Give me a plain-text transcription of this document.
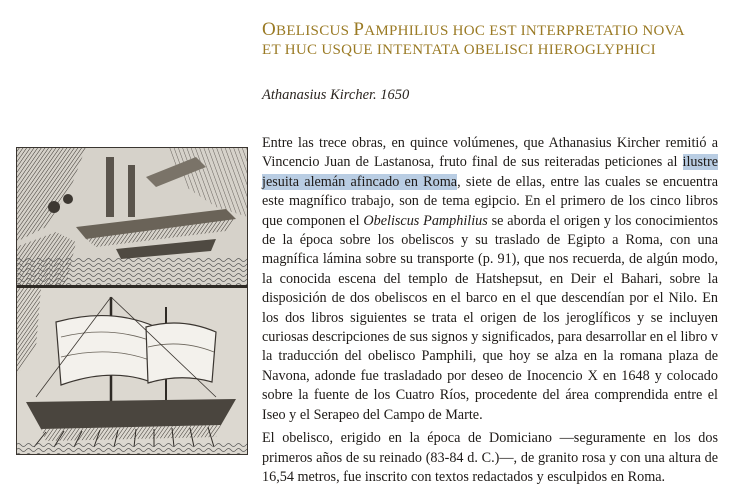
OBELISCUS PAMPHILIUS HOC EST INTERPRETATIO NOVA
ET HUC USQUE INTENTATA OBELISCI HIEROGLYPHICI

Athanasius Kircher. 1650

Entre las trece obras, en quince volúmenes, que Athanasius Kircher remitió a Vincencio Juan de Lastanosa, fruto final de sus reiteradas peticiones al ilustre jesuita alemán afincado en Roma, siete de ellas, entre las cuales se encuentra este magnífico trabajo, son de tema egipcio. En el primero de los cinco libros que componen el Obeliscus Pamphilius se aborda el origen y los conocimientos de la época sobre los obeliscos y su traslado de Egipto a Roma, con una magnífica lámina sobre su transporte (p. 91), que nos recuerda, de algún modo, la conocida escena del templo de Hatshepsut, en Deir el Bahari, sobre la disposición de dos obeliscos en el barco en el que descendían por el Nilo. En los dos libros siguientes se trata el origen de los jeroglíficos y se incluyen curiosas descripciones de sus signos y significados, para desarrollar en el libro v la traducción del obelisco Pamphili, que hoy se alza en la romana plaza de Navona, adonde fue trasladado por deseo de Inocencio X en 1648 y colocado sobre la fuente de los Cuatro Ríos, procedente del área comprendida entre el Iseo y el Serapeo del Campo de Marte.

El obelisco, erigido en la época de Domiciano —seguramente en los dos primeros años de su reinado (83-84 d. C.)—, de granito rosa y con una altura de 16,54 metros, fue inscrito con textos redactados y esculpidos en Roma.
